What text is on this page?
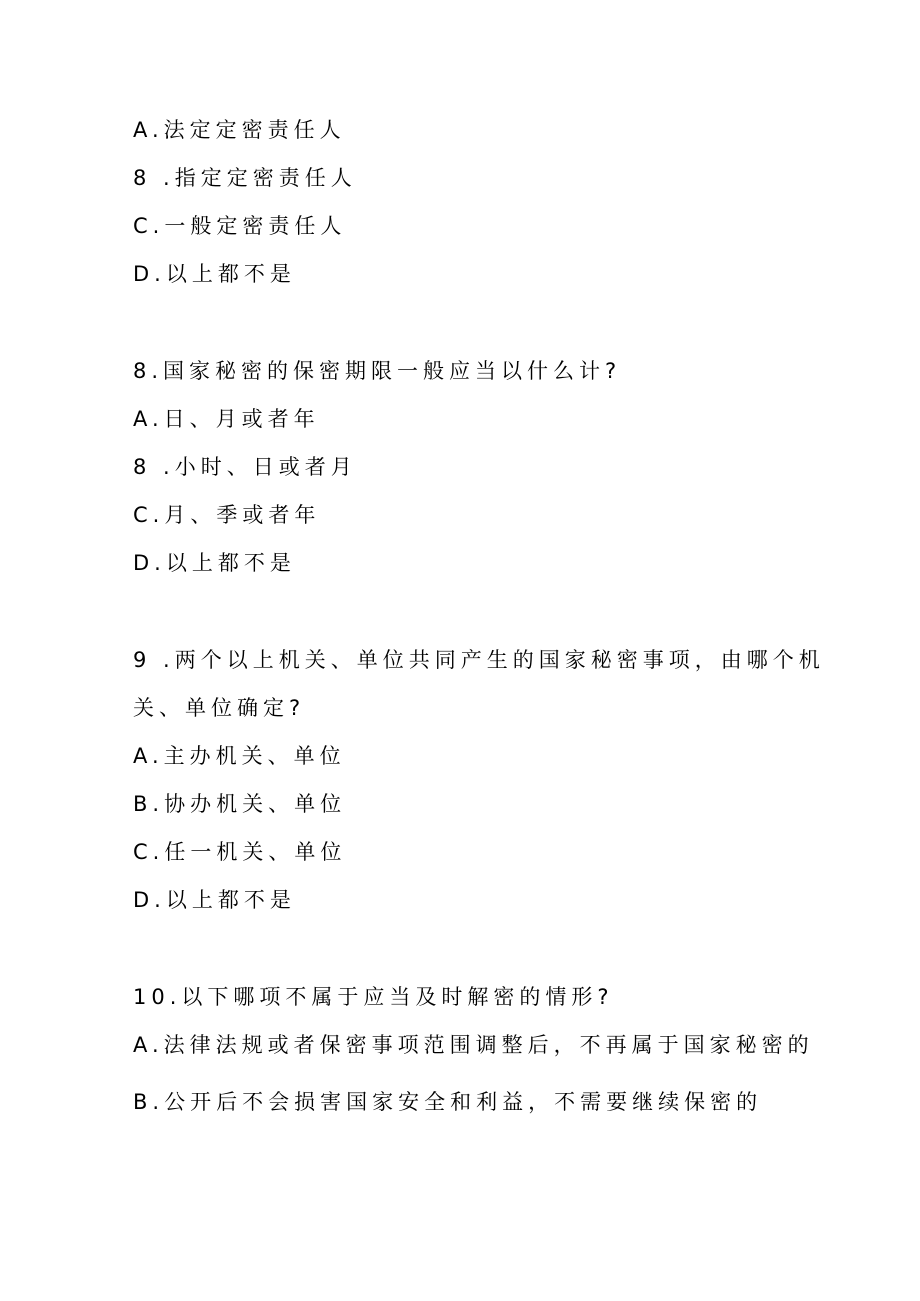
A.法定定密责任人
8 .指定定密责任人
C.一般定密责任人
D.以上都不是
8.国家秘密的保密期限一般应当以什么计?
A.日、月或者年
8 .小时、日或者月
C.月、季或者年
D.以上都不是
9 .两个以上机关、单位共同产生的国家秘密事项，由哪个机
关、单位确定?
A.主办机关、单位
B.协办机关、单位
C.任一机关、单位
D.以上都不是
10.以下哪项不属于应当及时解密的情形?
A.法律法规或者保密事项范围调整后，不再属于国家秘密的
B.公开后不会损害国家安全和利益，不需要继续保密的
